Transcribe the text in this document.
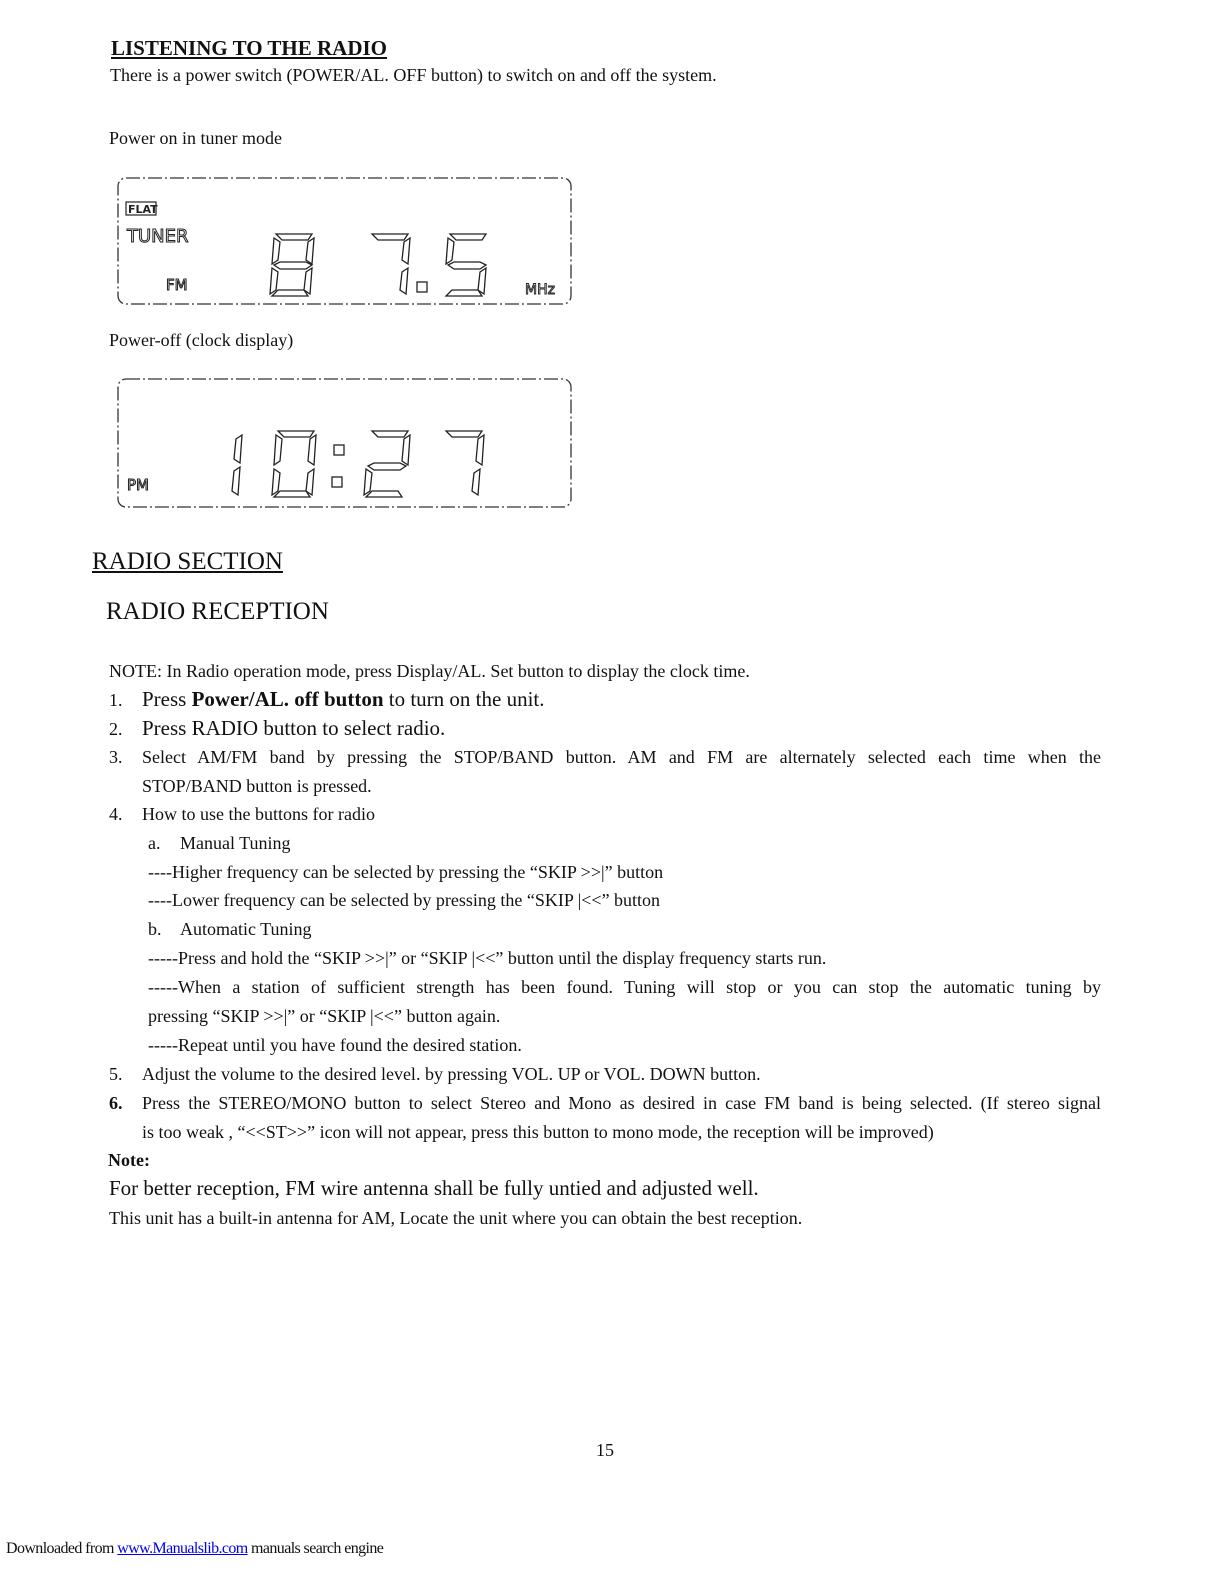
LISTENING TO THE RADIO
There is a power switch (POWER/AL. OFF button) to switch on and off the system.
Power on in tuner mode
FLAT
TUNER
FM	MHz
Power-off (clock display)
PM
RADIO SECTION
RADIO RECEPTION
NOTE: In Radio operation mode, press Display/AL. Set button to display the clock time.
1. Press Power/AL. off button to turn on the unit.
2. Press RADIO button to select radio.
3. Select AM/FM band by pressing the STOP/BAND button. AM and FM are alternately selected each time when the
STOP/BAND button is pressed.
4. How to use the buttons for radio
a. Manual Tuning
----Higher frequency can be selected by pressing the “SKIP >>|” button
----Lower frequency can be selected by pressing the “SKIP |<<” button
b. Automatic Tuning
-----Press and hold the “SKIP >>|” or “SKIP |<<” button until the display frequency starts run.
-----When a station of sufficient strength has been found. Tuning will stop or you can stop the automatic tuning by
pressing “SKIP >>|” or “SKIP |<<” button again.
-----Repeat until you have found the desired station.
5. Adjust the volume to the desired level. by pressing VOL. UP or VOL. DOWN button.
6. Press the STEREO/MONO button to select Stereo and Mono as desired in case FM band is being selected. (If stereo signal
is too weak , “<<ST>>” icon will not appear, press this button to mono mode, the reception will be improved)
Note:
For better reception, FM wire antenna shall be fully untied and adjusted well.
This unit has a built-in antenna for AM, Locate the unit where you can obtain the best reception.
15
Downloaded from www.Manualslib.com manuals search engine
